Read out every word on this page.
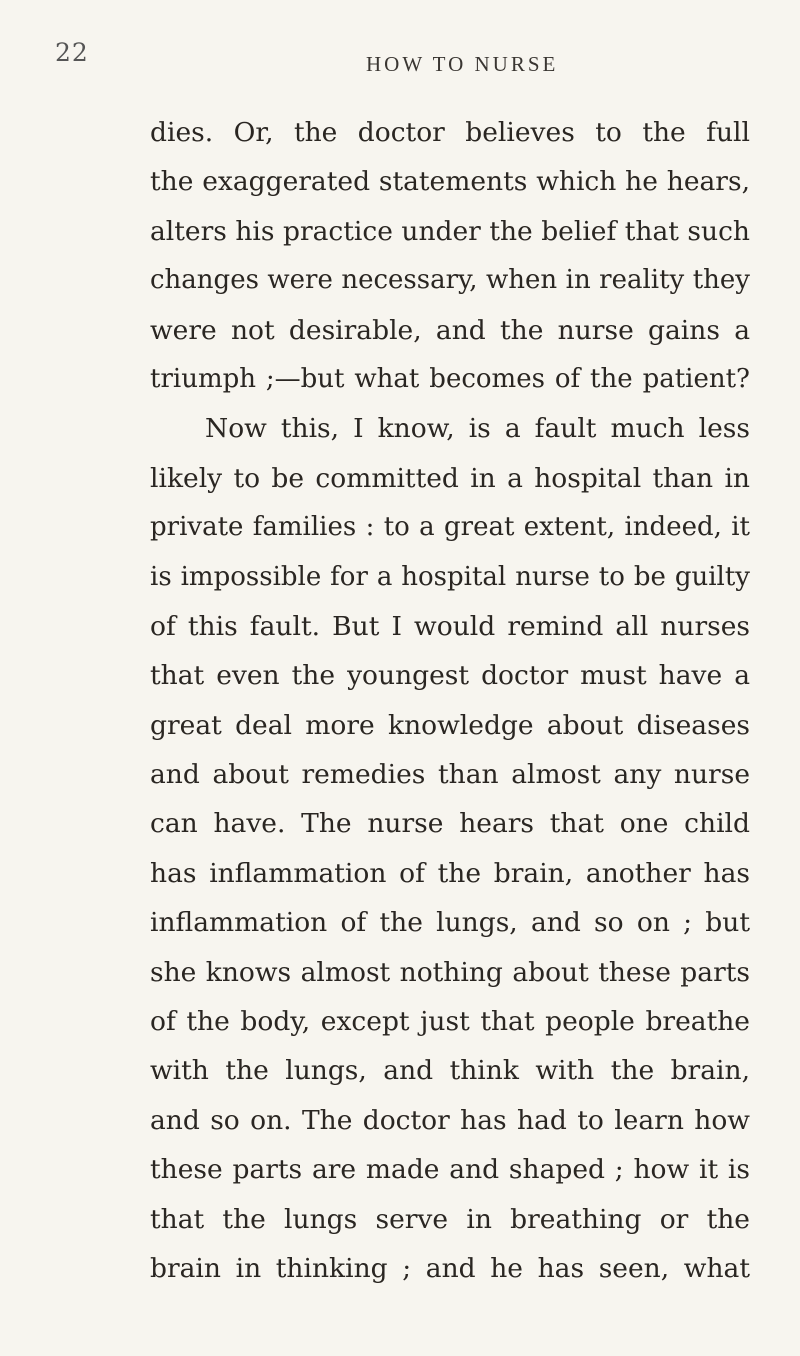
22	HOW TO NURSE
dies. Or, the doctor believes to the full
the exaggerated statements which he hears,
alters his practice under the belief that such
changes were necessary, when in reality they
were not desirable, and the nurse gains a
triumph ;—but what becomes of the patient?
Now this, I know, is a fault much less
likely to be committed in a hospital than in
private families : to a great extent, indeed, it
is impossible for a hospital nurse to be guilty
of this fault. But I would remind all nurses
that even the youngest doctor must have a
great deal more knowledge about diseases
and about remedies than almost any nurse
can have. The nurse hears that one child
has inflammation of the brain, another has
inflammation of the lungs, and so on ; but
she knows almost nothing about these parts
of the body, except just that people breathe
with the lungs, and think with the brain,
and so on. The doctor has had to learn how
these parts are made and shaped ; how it is
that the lungs serve in breathing or the
brain in thinking ; and he has seen, what
